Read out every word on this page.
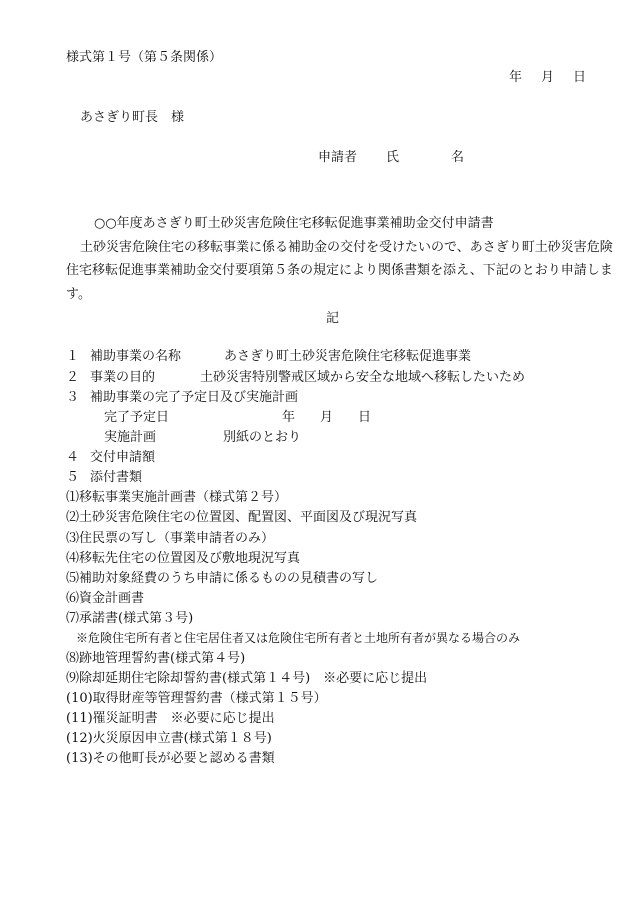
様式第１号（第５条関係）

年 月 日

あさぎり町長　様

申請者 氏	名
○○年度あさぎり町土砂災害危険住宅移転促進事業補助金交付申請書
土砂災害危険住宅の移転事業に係る補助金の交付を受けたいので、あさぎり町土砂災害危険住宅移転促進事業補助金交付要項第５条の規定により関係書類を添え、下記のとおり申請します。

記

１ 補助事業の名称	あさぎり町土砂災害危険住宅移転促進事業
２ 事業の目的	土砂災害特別警戒区域から安全な地域へ移転したいため
３ 補助事業の完了予定日及び実施計画
完了予定日	年 月 日
実施計画	別紙のとおり
４ 交付申請額
５ 添付書類

⑴移転事業実施計画書（様式第２号）

⑵土砂災害危険住宅の位置図、配置図、平面図及び現況写真

⑶住民票の写し（事業申請者のみ）

⑷移転先住宅の位置図及び敷地現況写真

⑸補助対象経費のうち申請に係るものの見積書の写し

⑹資金計画書

⑺承諾書(様式第３号)

※危険住宅所有者と住宅居住者又は危険住宅所有者と土地所有者が異なる場合のみ

⑻跡地管理誓約書(様式第４号)

⑼除却延期住宅除却誓約書(様式第１４号)　※必要に応じ提出

(10)取得財産等管理誓約書（様式第１５号）

(11)罹災証明書　※必要に応じ提出

(12)火災原因申立書(様式第１８号)

(13)その他町長が必要と認める書類
